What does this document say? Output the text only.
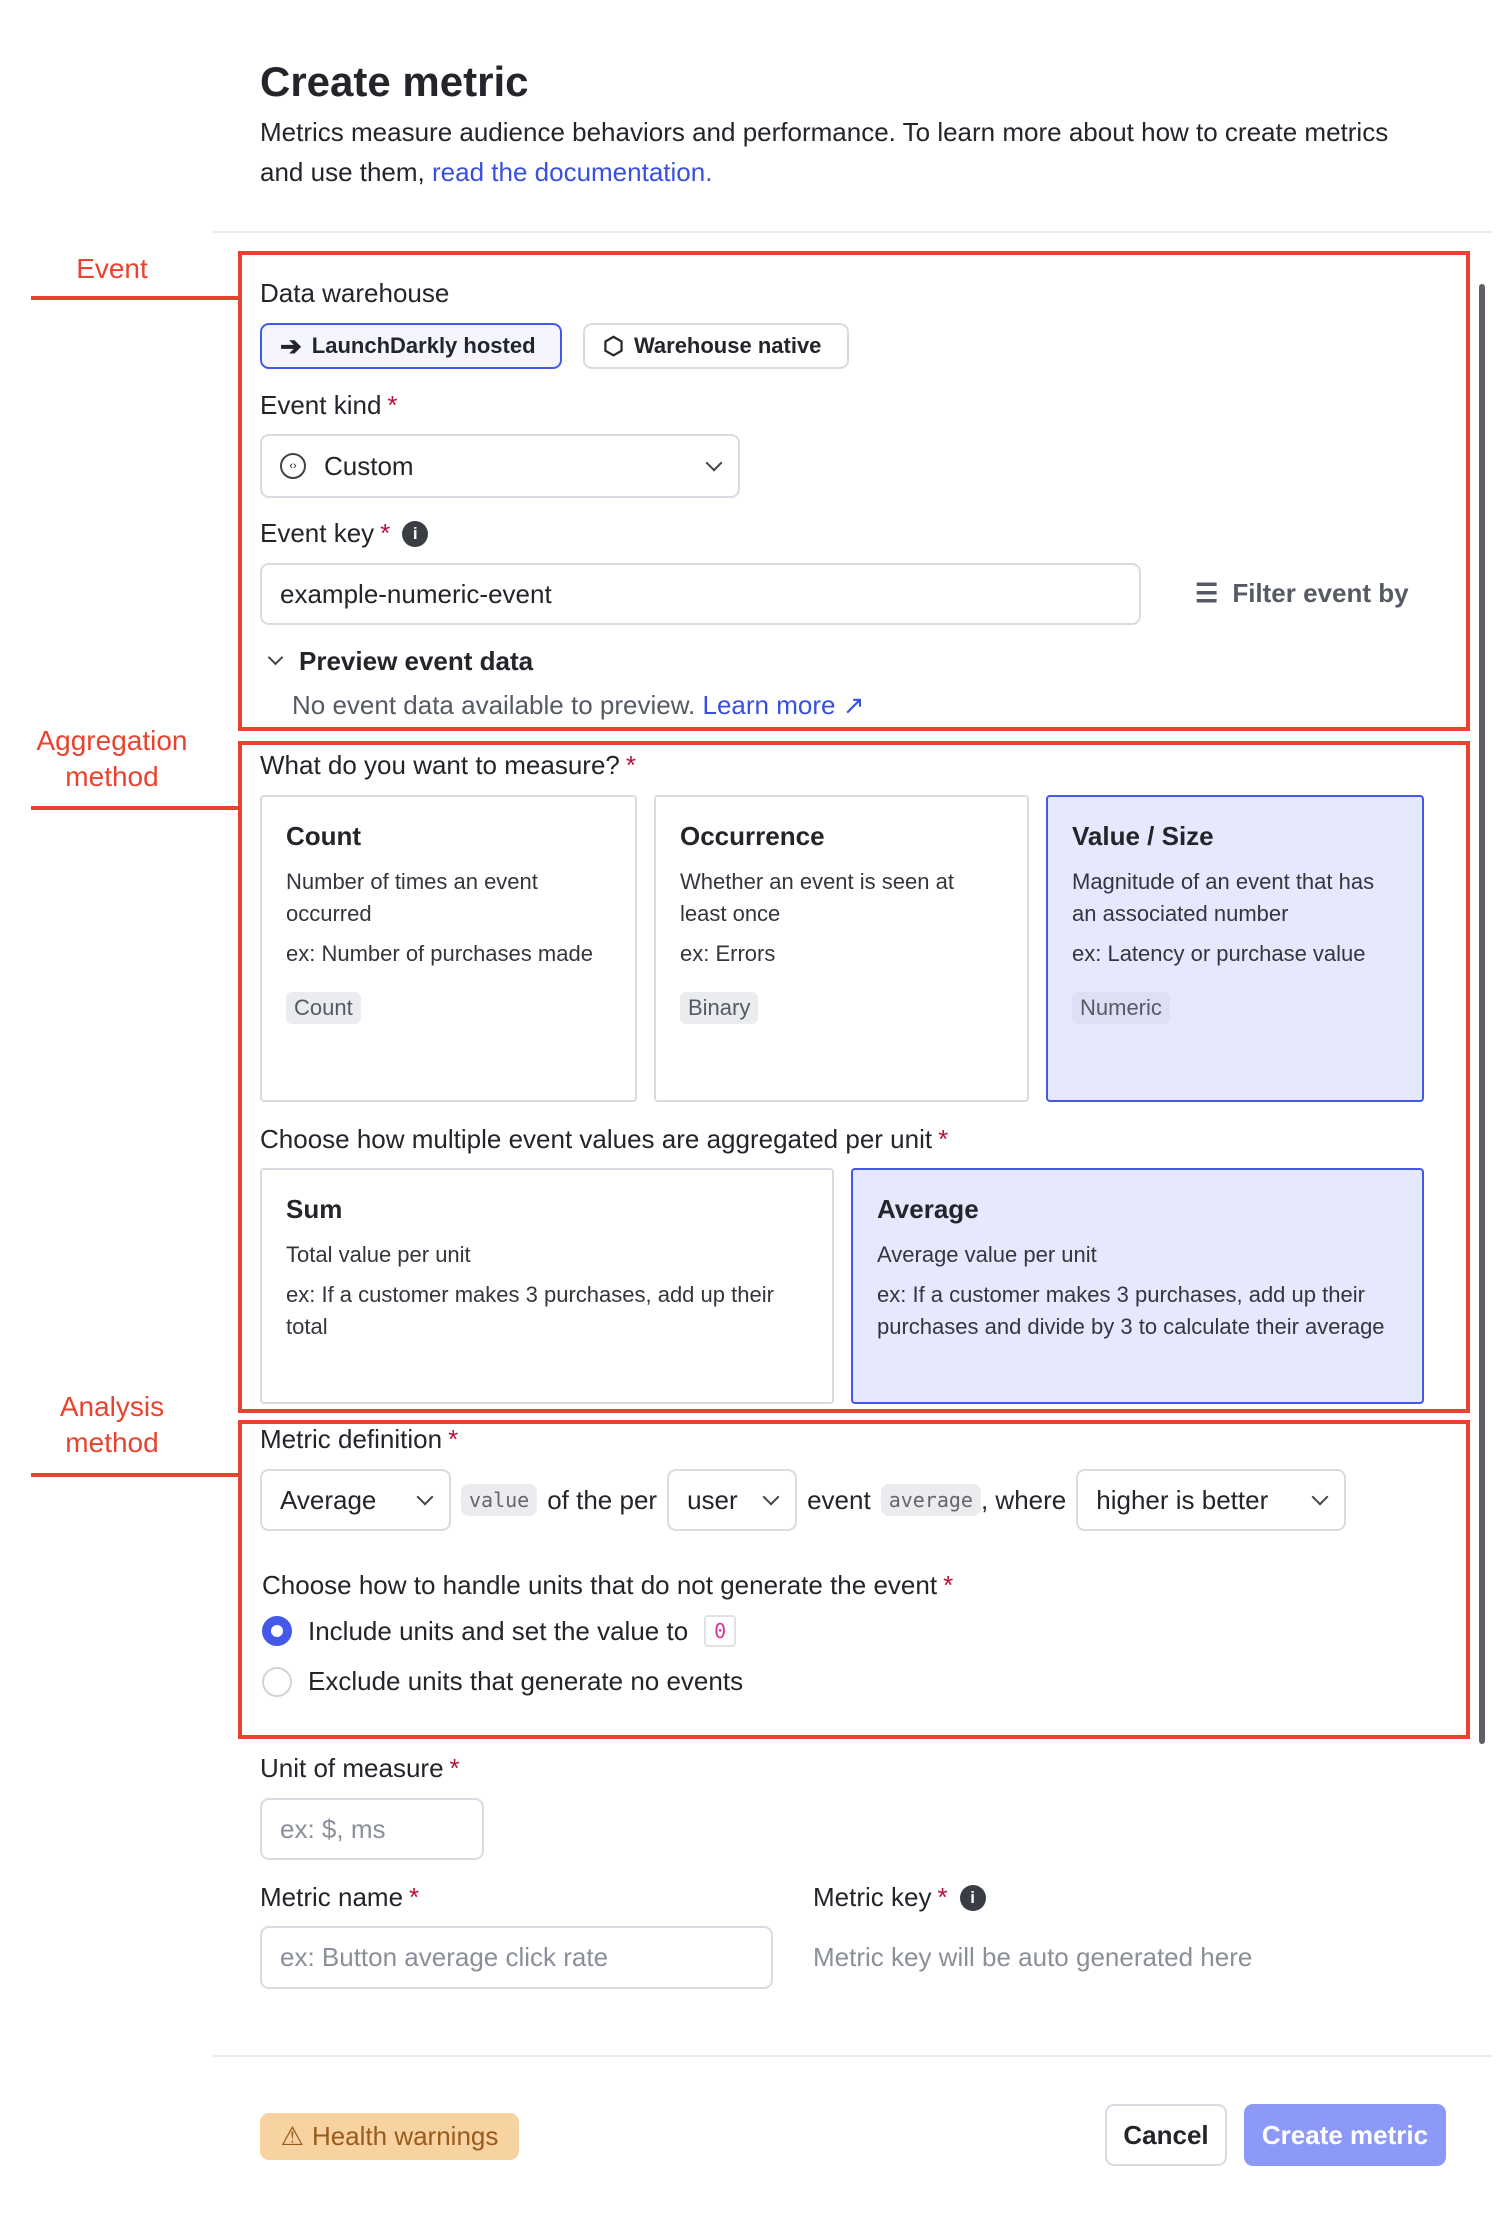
Create metric
Metrics measure audience behaviors and performance. To learn more about how to create metrics and use them, read the documentation.
Event
Aggregation method
Analysis method
Data warehouse
➔ LaunchDarkly hosted	⬡ Warehouse native
Event kind *
‹›	Custom
Event key *	i
example-numeric-event	☰ Filter event by
Preview event data
No event data available to preview. Learn more ↗
What do you want to measure? *
Count
Number of times an event occurred
ex: Number of purchases made
Count
Occurrence
Whether an event is seen at least once
ex: Errors
Binary
Value / Size
Magnitude of an event that has an associated number
ex: Latency or purchase value
Numeric
Choose how multiple event values are aggregated per unit *
Sum
Total value per unit
ex: If a customer makes 3 purchases, add up their total
Average
Average value per unit
ex: If a customer makes 3 purchases, add up their purchases and divide by 3 to calculate their average
Metric definition *
Average	value of the per user	event average , where higher is better
Choose how to handle units that do not generate the event *
Include units and set the value to	0
Exclude units that generate no events
Unit of measure *
ex: $, ms
Metric name *
ex: Button average click rate
Metric key *	i
Metric key will be auto generated here
⚠ Health warnings	Cancel	Create metric
